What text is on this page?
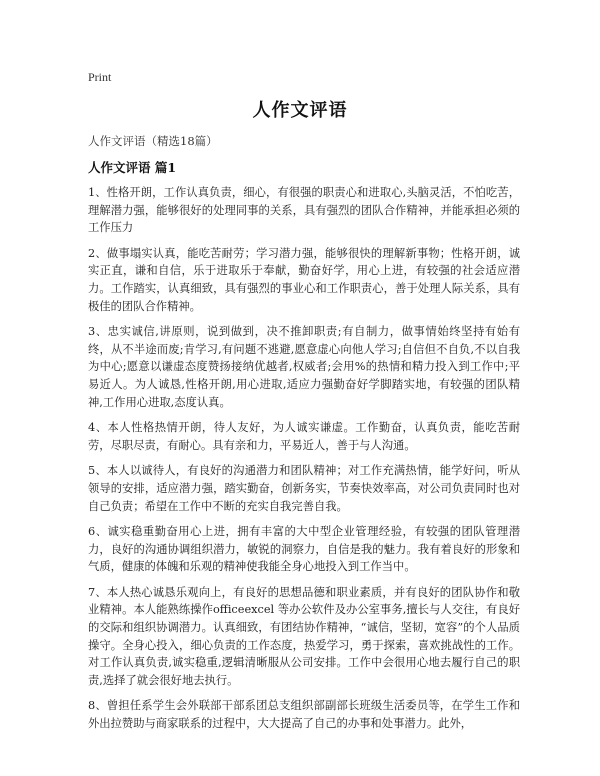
Print
人作文评语
人作文评语（精选18篇）
人作文评语 篇1

1、性格开朗，工作认真负责，细心，有很强的职责心和进取心,头脑灵活，不怕吃苦，理解潜力强，能够很好的处理同事的关系，具有强烈的团队合作精神，并能承担必须的工作压力

2、做事塌实认真，能吃苦耐劳；学习潜力强，能够很快的理解新事物；性格开朗，诚实正直，谦和自信，乐于进取乐于奉献，勤奋好学，用心上进，有较强的社会适应潜力。工作踏实，认真细致，具有强烈的事业心和工作职责心，善于处理人际关系，具有极佳的团队合作精神。

3、忠实诚信,讲原则，说到做到，决不推卸职责;有自制力，做事情始终坚持有始有终，从不半途而废;肯学习,有问题不逃避,愿意虚心向他人学习;自信但不自负,不以自我为中心;愿意以谦虚态度赞扬接纳优越者,权威者;会用%的热情和精力投入到工作中;平易近人。为人诚恳,性格开朗,用心进取,适应力强勤奋好学脚踏实地，有较强的团队精神,工作用心进取,态度认真。

4、本人性格热情开朗，待人友好，为人诚实谦虚。工作勤奋，认真负责，能吃苦耐劳，尽职尽责，有耐心。具有亲和力，平易近人，善于与人沟通。

5、本人以诚待人，有良好的沟通潜力和团队精神；对工作充满热情，能学好问，听从领导的安排，适应潜力强，踏实勤奋，创新务实，节奏快效率高，对公司负责同时也对自己负责；希望在工作中不断的充实自我完善自我。

6、诚实稳重勤奋用心上进，拥有丰富的大中型企业管理经验，有较强的团队管理潜力，良好的沟通协调组织潜力，敏锐的洞察力，自信是我的魅力。我有着良好的形象和气质，健康的体魄和乐观的精神使我能全身心地投入到工作当中。

7、本人热心诚恳乐观向上，有良好的思想品德和职业素质，并有良好的团队协作和敬业精神。本人能熟练操作officeexcel 等办公软件及办公室事务,擅长与人交往，有良好的交际和组织协调潜力。认真细致，有团结协作精神，“诚信，坚韧，宽容”的个人品质操守。全身心投入，细心负责的工作态度，热爱学习，勇于探索，喜欢挑战性的工作。对工作认真负责,诚实稳重,逻辑清晰服从公司安排。工作中会很用心地去履行自己的职责,选择了就会很好地去执行。

8、曾担任系学生会外联部干部系团总支组织部副部长班级生活委员等，在学生工作和外出拉赞助与商家联系的过程中，大大提高了自己的办事和处事潜力。此外，
